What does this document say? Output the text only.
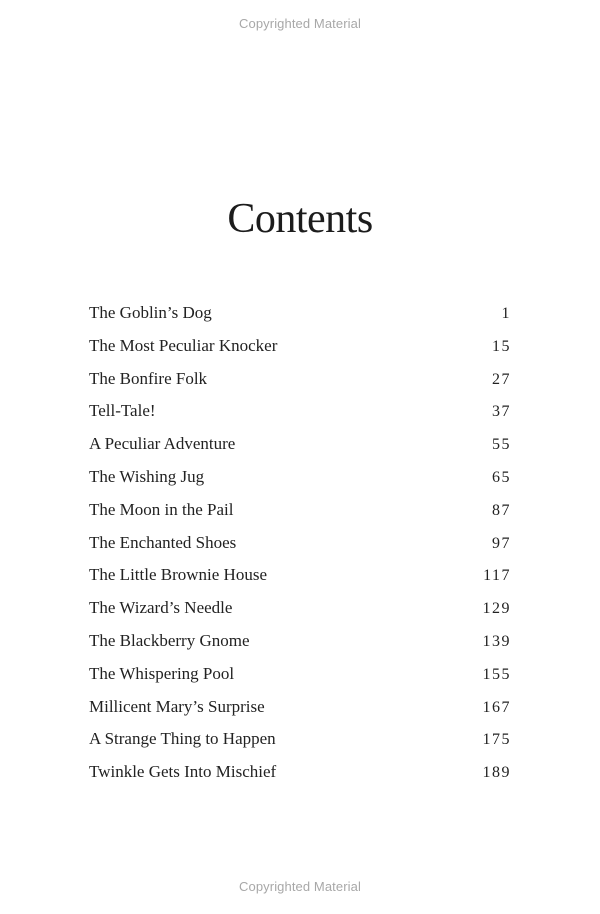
Copyrighted Material
Contents
The Goblin’s Dog	1
The Most Peculiar Knocker	15
The Bonfire Folk	27
Tell-Tale!	37
A Peculiar Adventure	55
The Wishing Jug	65
The Moon in the Pail	87
The Enchanted Shoes	97
The Little Brownie House	117
The Wizard’s Needle	129
The Blackberry Gnome	139
The Whispering Pool	155
Millicent Mary’s Surprise	167
A Strange Thing to Happen	175
Twinkle Gets Into Mischief	189
Copyrighted Material
